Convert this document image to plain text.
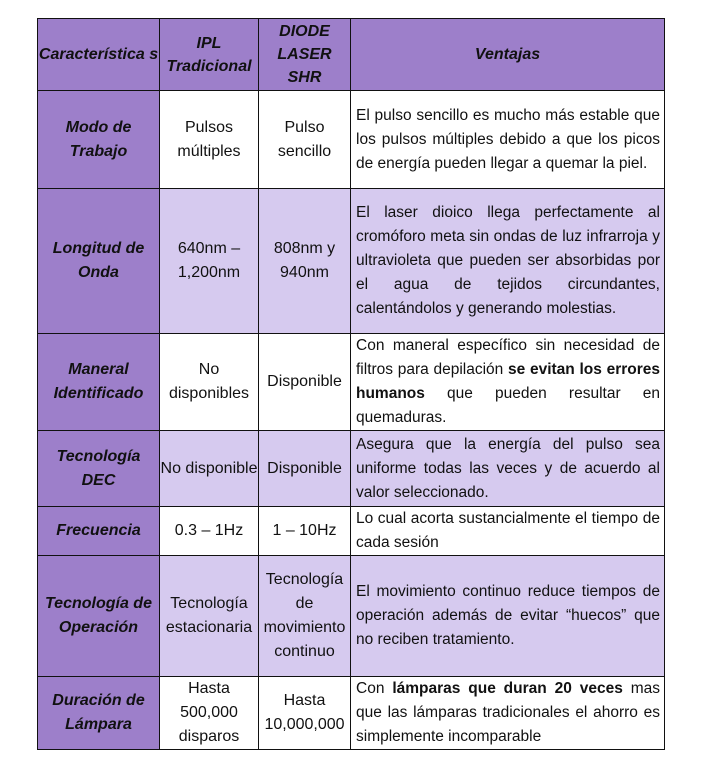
Característica s	IPL Tradicional	DIODE LASER SHR	Ventajas
Modo de Trabajo	Pulsos múltiples	Pulso sencillo	El pulso sencillo es mucho más estable que los pulsos múltiples debido a que los picos de energía pueden llegar a quemar la piel.
Longitud de Onda	640nm – 1,200nm	808nm y 940nm	El laser dioico llega perfectamente al cromóforo meta sin ondas de luz infrarroja y ultravioleta que pueden ser absorbidas por el agua de tejidos circundantes, calentándolos y generando molestias.
Maneral Identificado	No disponibles	Disponible	Con maneral específico sin necesidad de filtros para depilación se evitan los errores humanos que pueden resultar en quemaduras.
Tecnología DEC	No disponible	Disponible	Asegura que la energía del pulso sea uniforme todas las veces y de acuerdo al valor seleccionado.
Frecuencia	0.3 – 1Hz	1 – 10Hz	Lo cual acorta sustancialmente el tiempo de cada sesión
Tecnología de Operación	Tecnología estacionaria	Tecnología de movimiento continuo	El movimiento continuo reduce tiempos de operación además de evitar “huecos” que no reciben tratamiento.
Duración de Lámpara	Hasta 500,000 disparos	Hasta 10,000,000	Con lámparas que duran 20 veces mas que las lámparas tradicionales el ahorro es simplemente incomparable
